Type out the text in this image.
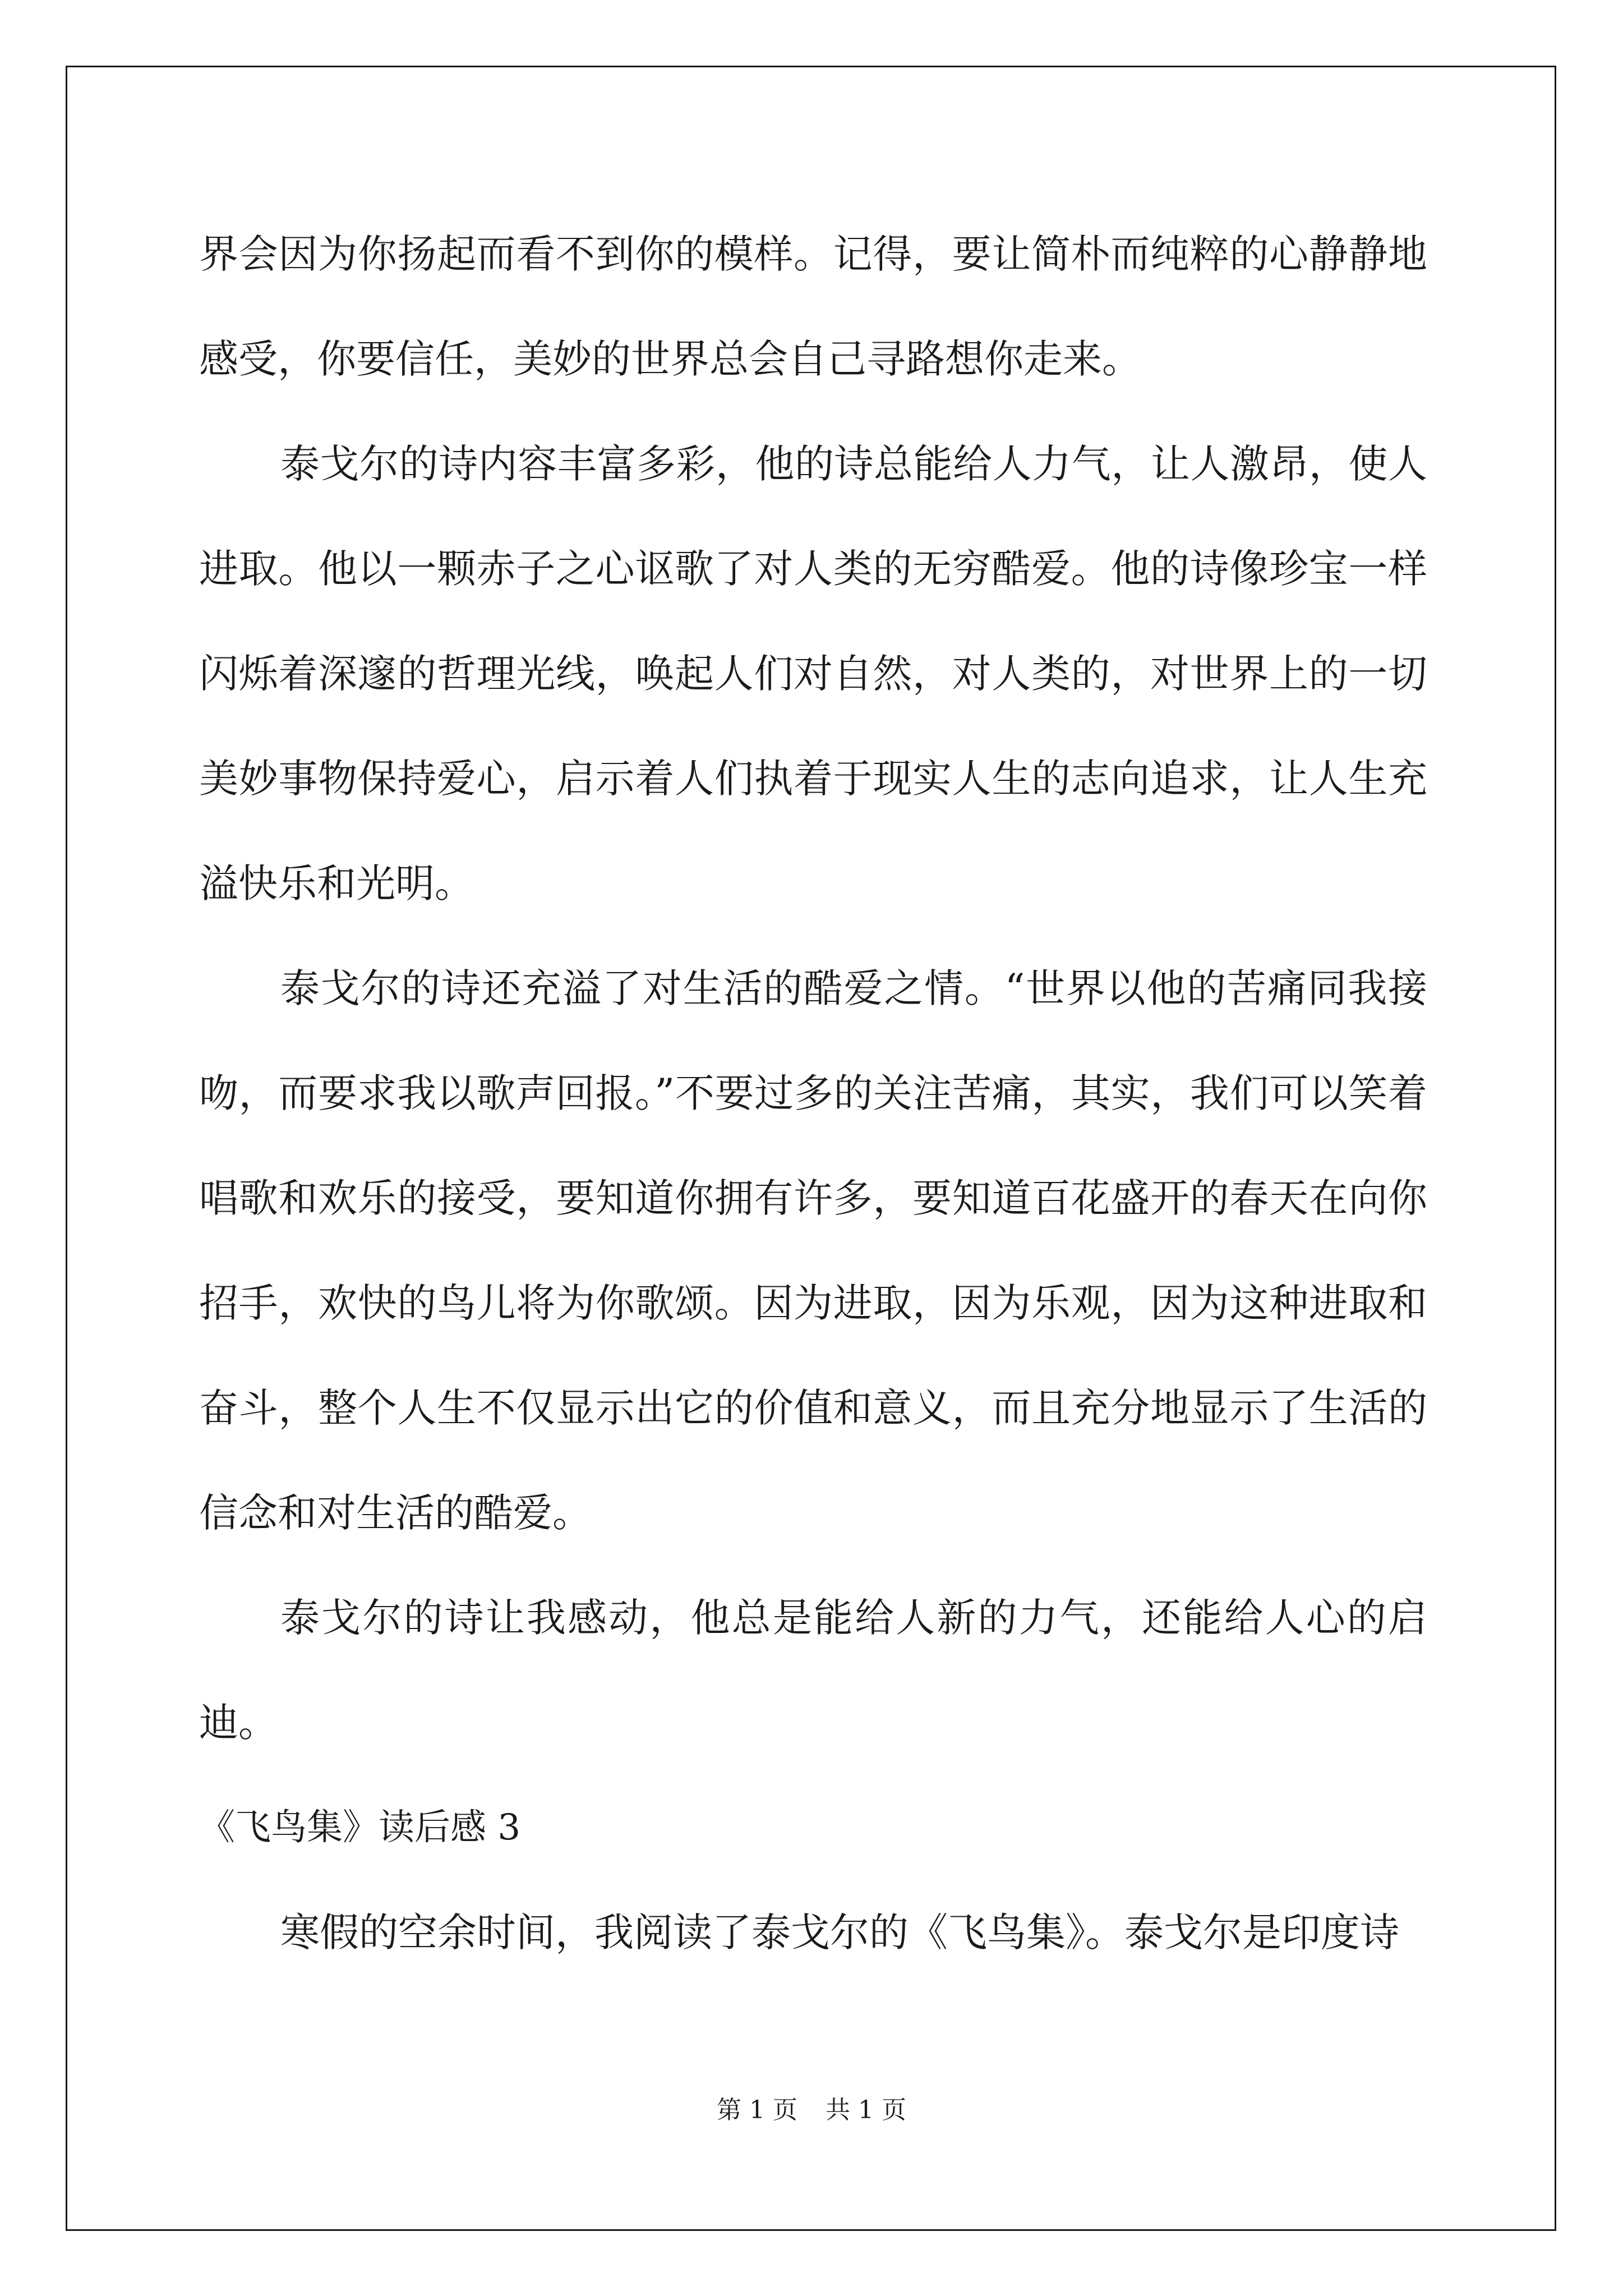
界会因为你扬起而看不到你的模样。记得，要让简朴而纯粹的心静静地感受，你要信任，美妙的世界总会自己寻路想你走来。

泰戈尔的诗内容丰富多彩，他的诗总能给人力气，让人激昂，使人进取。他以一颗赤子之心讴歌了对人类的无穷酷爱。他的诗像珍宝一样闪烁着深邃的哲理光线，唤起人们对自然，对人类的，对世界上的一切美妙事物保持爱心，启示着人们执着于现实人生的志向追求，让人生充溢快乐和光明。

泰戈尔的诗还充溢了对生活的酷爱之情。“世界以他的苦痛同我接吻，而要求我以歌声回报。”不要过多的关注苦痛，其实，我们可以笑着唱歌和欢乐的接受，要知道你拥有许多，要知道百花盛开的春天在向你招手，欢快的鸟儿将为你歌颂。因为进取，因为乐观，因为这种进取和奋斗，整个人生不仅显示出它的价值和意义，而且充分地显示了生活的信念和对生活的酷爱。

泰戈尔的诗让我感动，他总是能给人新的力气，还能给人心的启迪。

《飞鸟集》读后感 3

寒假的空余时间，我阅读了泰戈尔的《飞鸟集》。泰戈尔是印度诗

第 1 页 共 1 页
